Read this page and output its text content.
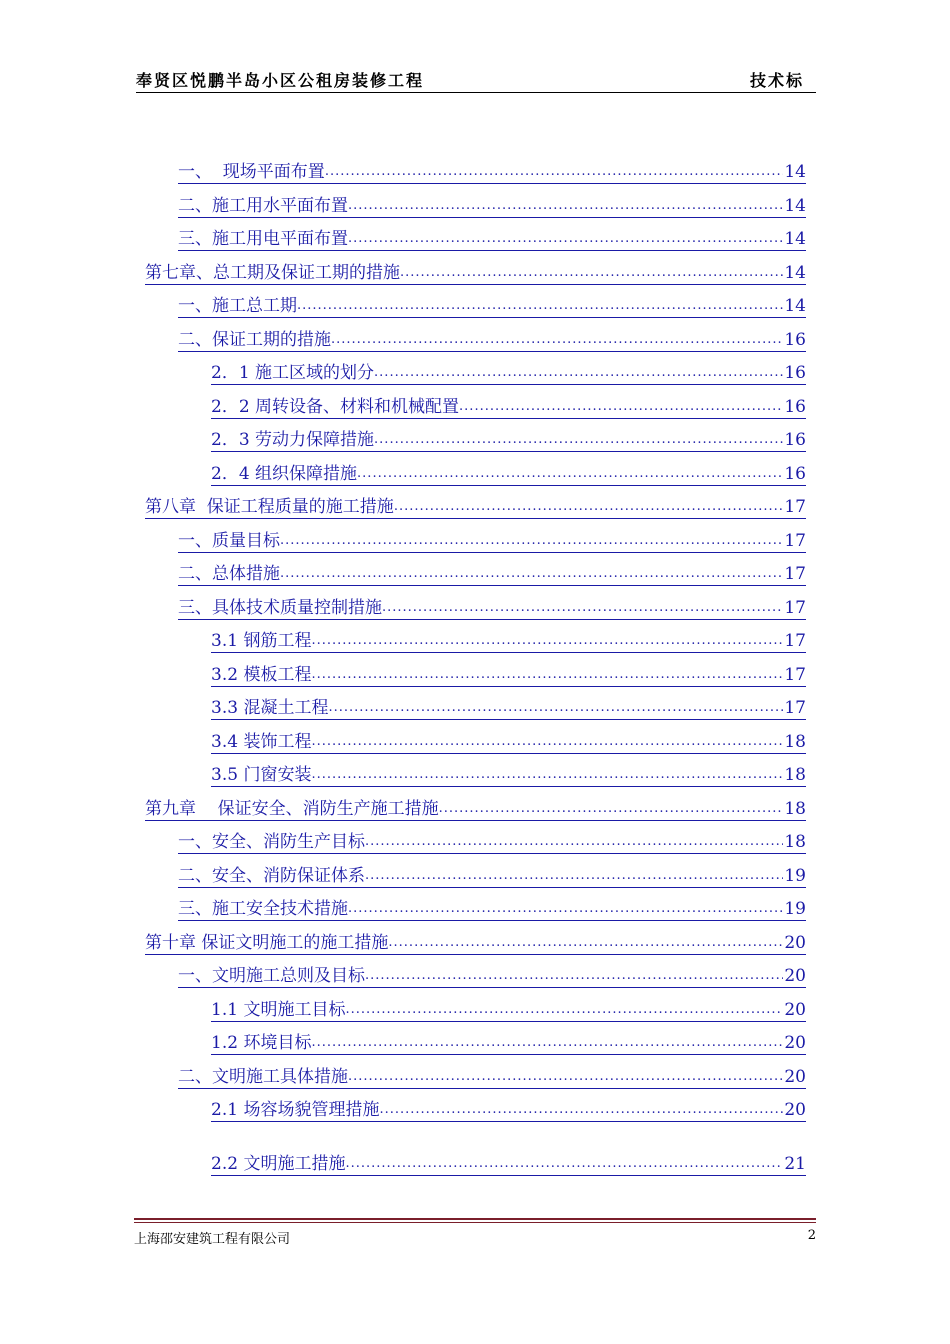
奉贤区悦鹏半岛小区公租房装修工程	技术标
一、  现场平面布置 .....	14
二、施工用水平面布置 .....	14
三、施工用电平面布置 .....	14
第七章、总工期及保证工期的措施 .....	14
一、施工总工期 .....	14
二、保证工期的措施 .....	16
2．1 施工区域的划分 .....	16
2．2 周转设备、材料和机械配置 .....	16
2．3 劳动力保障措施 .....	16
2．4 组织保障措施 .....	16
第八章  保证工程质量的施工措施 .....	17
一、质量目标 .....	17
二、总体措施 .....	17
三、具体技术质量控制措施 .....	17
3.1 钢筋工程 .....	17
3.2 模板工程 .....	17
3.3 混凝土工程 .....	17
3.4 装饰工程 .....	18
3.5 门窗安装 .....	18
第九章    保证安全、消防生产施工措施 .....	18
一、安全、消防生产目标 .....	18
二、安全、消防保证体系 .....	19
三、施工安全技术措施 .....	19
第十章 保证文明施工的施工措施 .....	20
一、文明施工总则及目标 .....	20
1.1 文明施工目标 .....	20
1.2 环境目标 .....	20
二、文明施工具体措施 .....	20
2.1 场容场貌管理措施 .....	20
2.2 文明施工措施 .....	21
上海邵安建筑工程有限公司	2
